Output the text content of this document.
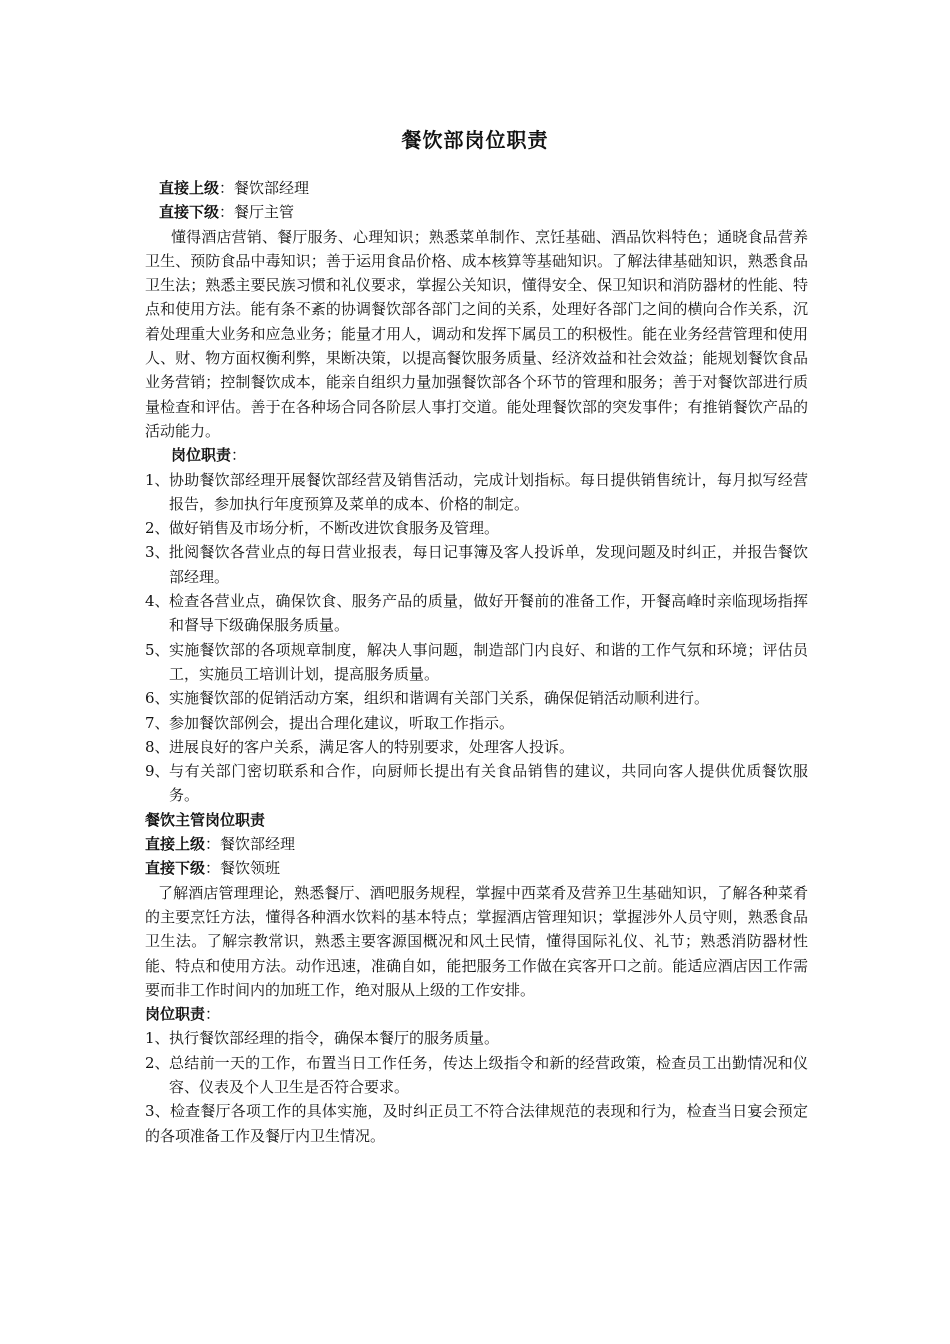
餐饮部岗位职责

直接上级：餐饮部经理

直接下级：餐厅主管

懂得酒店营销、餐厅服务、心理知识；熟悉菜单制作、烹饪基础、酒品饮料特色；通晓食品营养卫生、预防食品中毒知识；善于运用食品价格、成本核算等基础知识。了解法律基础知识，熟悉食品卫生法；熟悉主要民族习惯和礼仪要求，掌握公关知识，懂得安全、保卫知识和消防器材的性能、特点和使用方法。能有条不紊的协调餐饮部各部门之间的关系，处理好各部门之间的横向合作关系，沉着处理重大业务和应急业务；能量才用人，调动和发挥下属员工的积极性。能在业务经营管理和使用人、财、物方面权衡利弊，果断决策，以提高餐饮服务质量、经济效益和社会效益；能规划餐饮食品业务营销；控制餐饮成本，能亲自组织力量加强餐饮部各个环节的管理和服务；善于对餐饮部进行质量检查和评估。善于在各种场合同各阶层人事打交道。能处理餐饮部的突发事件；有推销餐饮产品的活动能力。

岗位职责：

1、 协助餐饮部经理开展餐饮部经营及销售活动，完成计划指标。每日提供销售统计，每月拟写经营报告，参加执行年度预算及菜单的成本、价格的制定。
2、 做好销售及市场分析，不断改进饮食服务及管理。
3、 批阅餐饮各营业点的每日营业报表，每日记事簿及客人投诉单，发现问题及时纠正，并报告餐饮部经理。
4、 检查各营业点，确保饮食、服务产品的质量，做好开餐前的准备工作，开餐高峰时亲临现场指挥和督导下级确保服务质量。
5、 实施餐饮部的各项规章制度，解决人事问题，制造部门内良好、和谐的工作气氛和环境；评估员工，实施员工培训计划，提高服务质量。
6、 实施餐饮部的促销活动方案，组织和谐调有关部门关系，确保促销活动顺利进行。
7、 参加餐饮部例会，提出合理化建议，听取工作指示。
8、 进展良好的客户关系，满足客人的特别要求，处理客人投诉。
9、 与有关部门密切联系和合作，向厨师长提出有关食品销售的建议，共同向客人提供优质餐饮服务。

餐饮主管岗位职责

直接上级：餐饮部经理

直接下级：餐饮领班

了解酒店管理理论，熟悉餐厅、酒吧服务规程，掌握中西菜肴及营养卫生基础知识，了解各种菜肴的主要烹饪方法，懂得各种酒水饮料的基本特点；掌握酒店管理知识；掌握涉外人员守则，熟悉食品卫生法。了解宗教常识，熟悉主要客源国概况和风土民情，懂得国际礼仪、礼节；熟悉消防器材性能、特点和使用方法。动作迅速，准确自如，能把服务工作做在宾客开口之前。能适应酒店因工作需要而非工作时间内的加班工作，绝对服从上级的工作安排。

岗位职责：

1、 执行餐饮部经理的指令，确保本餐厅的服务质量。
2、 总结前一天的工作，布置当日工作任务，传达上级指令和新的经营政策，检查员工出勤情况和仪容、仪表及个人卫生是否符合要求。
3、检查餐厅各项工作的具体实施，及时纠正员工不符合法律规范的表现和行为，检查当日宴会预定的各项准备工作及餐厅内卫生情况。
